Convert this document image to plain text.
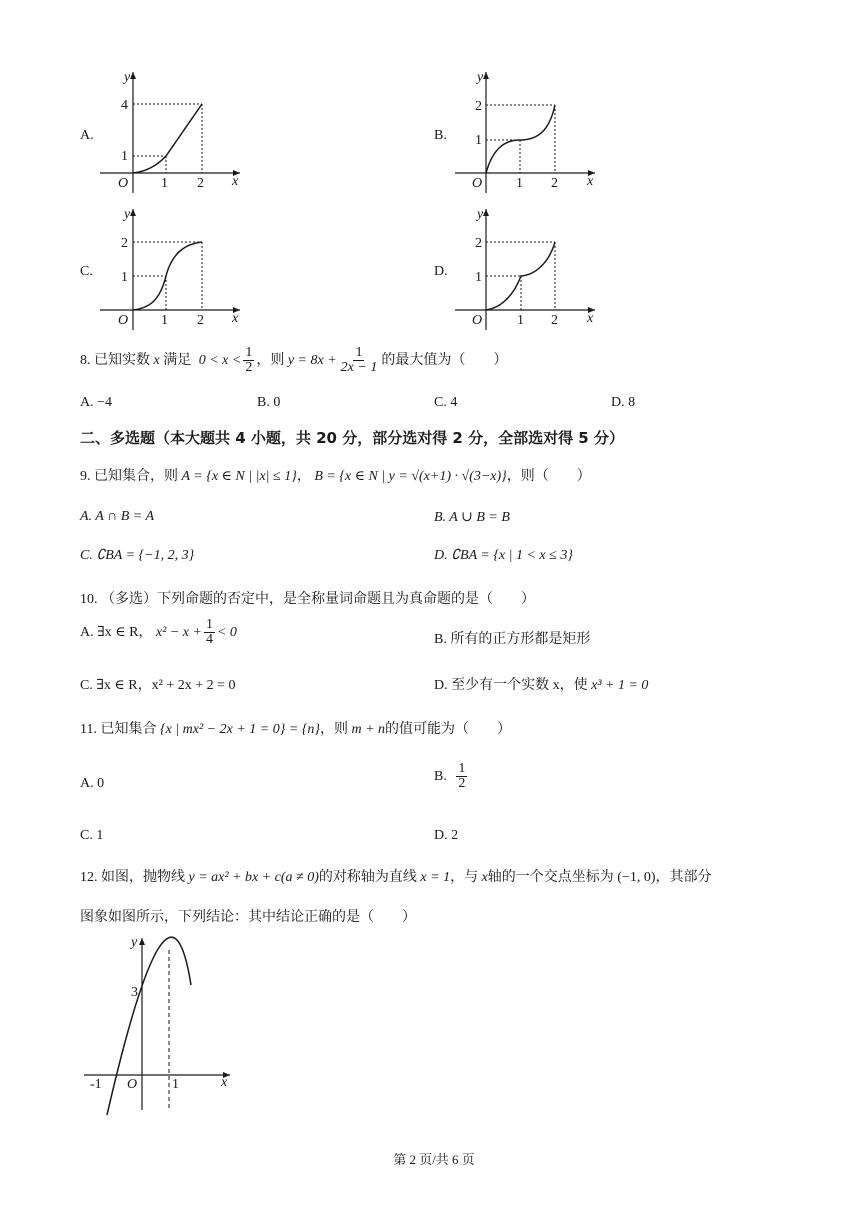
A.
y
4
1
O 1 2 x
B.
y
2
1
O 1 2 x
C.
y
2
1
O 1 2 x
D.
y
2
1
O 1 2 x
8. 已知实数 x 满足 $0 < x < \frac{1}{2}$ ，则 $y = 8x + \frac{1}{2x - 1}$ 的最大值为（　　）
A. −4	B. 0	C. 4	D. 8
二、多选题（本大题共 4 小题，共 20 分，部分选对得 2 分，全部选对得 5 分）
9. 已知集合，则 A = {x ∈ N | |x| ≤ 1}， B = {x ∈ N | y = √(x+1) · √(3−x)}，则（　　）
A. A ∩ B = A	B. A ∪ B = B
C. ∁BA = {−1, 2, 3}	D. ∁BA = {x | 1 < x ≤ 3}
10. （多选）下列命题的否定中，是全称量词命题且为真命题的是（　　）
A. ∃x ∈ R， $x^2 - x + \frac{1}{4} < 0$	B. 所有的正方形都是矩形
C. ∃x ∈ R，x² + 2x + 2 = 0	D. 至少有一个实数 x，使 x³ + 1 = 0
11. 已知集合 {x | mx² − 2x + 1 = 0} = {n}，则 m + n的值可能为（　　）
A. 0	B. $\frac{1}{2}$
C. 1	D. 2
12. 如图，抛物线 y = ax² + bx + c(a ≠ 0)的对称轴为直线 x = 1，与 x轴的一个交点坐标为 (−1, 0)，其部分
图象如图所示，下列结论：其中结论正确的是（　　）
y
3
-1 O 1	x
第 2 页/共 6 页
